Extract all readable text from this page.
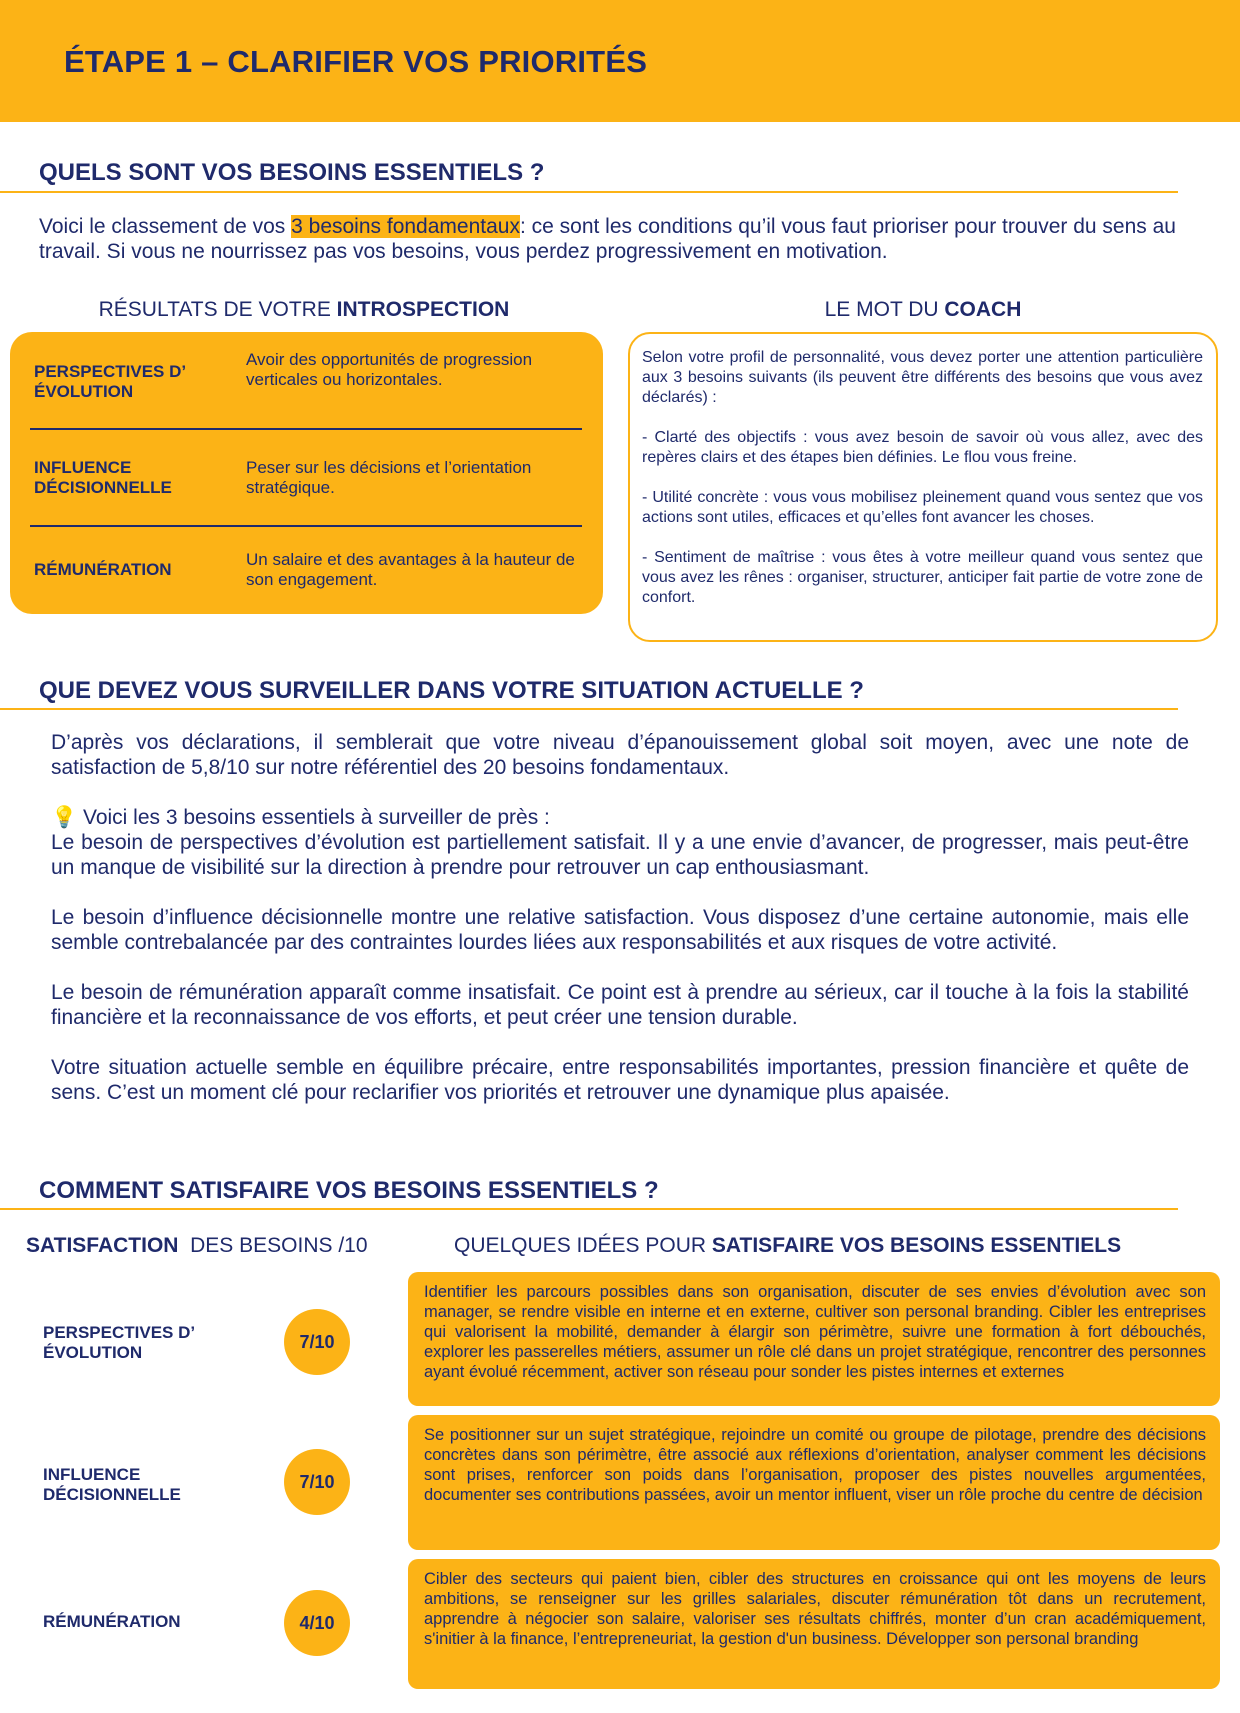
ÉTAPE 1 – CLARIFIER VOS PRIORITÉS
QUELS SONT VOS BESOINS ESSENTIELS ?
Voici le classement de vos 3 besoins fondamentaux: ce sont les conditions qu’il vous faut prioriser pour trouver du sens au travail. Si vous ne nourrissez pas vos besoins, vous perdez progressivement en motivation.
RÉSULTATS DE VOTRE INTROSPECTION	LE MOT DU COACH
PERSPECTIVES D’
ÉVOLUTION
Avoir des opportunités de progression verticales ou horizontales.
INFLUENCE
DÉCISIONNELLE
Peser sur les décisions et l’orientation stratégique.
RÉMUNÉRATION
Un salaire et des avantages à la hauteur de son engagement.

Selon votre profil de personnalité, vous devez porter une attention particulière aux 3 besoins suivants (ils peuvent être différents des besoins que vous avez déclarés) :

- Clarté des objectifs : vous avez besoin de savoir où vous allez, avec des repères clairs et des étapes bien définies. Le flou vous freine.

- Utilité concrète : vous vous mobilisez pleinement quand vous sentez que vos actions sont utiles, efficaces et qu’elles font avancer les choses.

- Sentiment de maîtrise : vous êtes à votre meilleur quand vous sentez que vous avez les rênes : organiser, structurer, anticiper fait partie de votre zone de confort.

QUE DEVEZ VOUS SURVEILLER DANS VOTRE SITUATION ACTUELLE ?
D’après vos déclarations, il semblerait que votre niveau d’épanouissement global soit moyen, avec une note de satisfaction de 5,8/10 sur notre référentiel des 20 besoins fondamentaux.
💡 Voici les 3 besoins essentiels à surveiller de près :
Le besoin de perspectives d’évolution est partiellement satisfait. Il y a une envie d’avancer, de progresser, mais peut-être un manque de visibilité sur la direction à prendre pour retrouver un cap enthousiasmant.
Le besoin d’influence décisionnelle montre une relative satisfaction. Vous disposez d’une certaine autonomie, mais elle semble contrebalancée par des contraintes lourdes liées aux responsabilités et aux risques de votre activité.
Le besoin de rémunération apparaît comme insatisfait. Ce point est à prendre au sérieux, car il touche à la fois la stabilité financière et la reconnaissance de vos efforts, et peut créer une tension durable.
Votre situation actuelle semble en équilibre précaire, entre responsabilités importantes, pression financière et quête de sens. C’est un moment clé pour reclarifier vos priorités et retrouver une dynamique plus apaisée.
COMMENT SATISFAIRE VOS BESOINS ESSENTIELS ?
SATISFACTION DES BESOINS /10	QUELQUES IDÉES POUR SATISFAIRE VOS BESOINS ESSENTIELS
PERSPECTIVES D’
ÉVOLUTION
7/10
Identifier les parcours possibles dans son organisation, discuter de ses envies d’évolution avec son manager, se rendre visible en interne et en externe, cultiver son personal branding. Cibler les entreprises qui valorisent la mobilité, demander à élargir son périmètre, suivre une formation à fort débouchés, explorer les passerelles métiers, assumer un rôle clé dans un projet stratégique, rencontrer des personnes ayant évolué récemment, activer son réseau pour sonder les pistes internes et externes
INFLUENCE
DÉCISIONNELLE
7/10
Se positionner sur un sujet stratégique, rejoindre un comité ou groupe de pilotage, prendre des décisions concrètes dans son périmètre, être associé aux réflexions d’orientation, analyser comment les décisions sont prises, renforcer son poids dans l’organisation, proposer des pistes nouvelles argumentées, documenter ses contributions passées, avoir un mentor influent, viser un rôle proche du centre de décision
RÉMUNÉRATION	4/10
Cibler des secteurs qui paient bien, cibler des structures en croissance qui ont les moyens de leurs ambitions, se renseigner sur les grilles salariales, discuter rémunération tôt dans un recrutement, apprendre à négocier son salaire, valoriser ses résultats chiffrés, monter d’un cran académiquement, s'initier à la finance, l’entrepreneuriat, la gestion d'un business. Développer son personal branding
